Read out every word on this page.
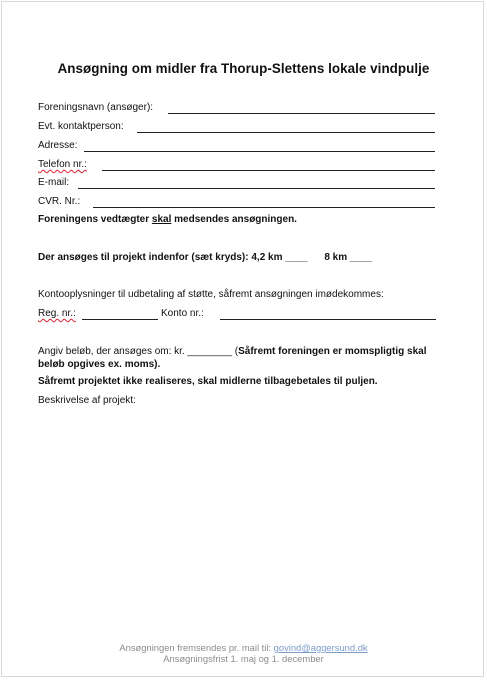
Ansøgning om midler fra Thorup-Slettens lokale vindpulje
Foreningsnavn (ansøger):
Evt. kontaktperson:
Adresse:
Telefon nr.:
E-mail:
CVR. Nr.:
Foreningens vedtægter skal medsendes ansøgningen.
Der ansøges til projekt indenfor (sæt kryds): 4,2 km ____ 8 km ____
Kontooplysninger til udbetaling af støtte, såfremt ansøgningen imødekommes:
Reg. nr.:	Konto nr.:
Angiv beløb, der ansøges om: kr. ________ (Såfremt foreningen er momspligtig skal beløb opgives ex. moms).
Såfremt projektet ikke realiseres, skal midlerne tilbagebetales til puljen.
Beskrivelse af projekt:
Ansøgningen fremsendes pr. mail til: govind@aggersund.dk
Ansøgningsfrist 1. maj og 1. december
